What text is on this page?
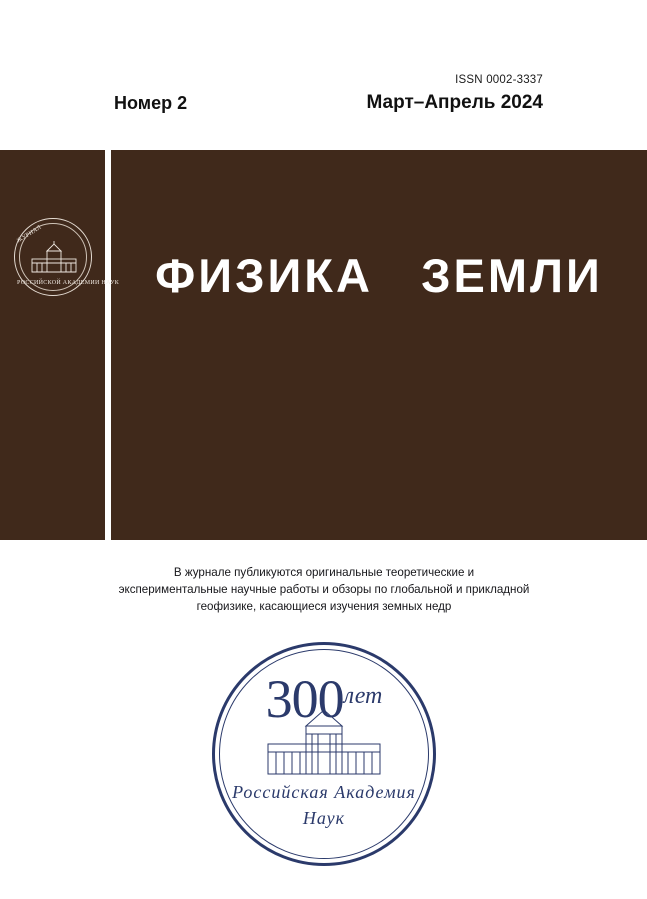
ISSN 0002-3337
Номер 2	Март–Апрель 2024
ЖУРНАЛ
РОССИЙСКОЙ АКАДЕМИИ НАУК ФИЗИКА   ЗЕМЛИ
В журнале публикуются оригинальные теоретические и экспериментальные научные работы и обзоры по глобальной и прикладной геофизике, касающиеся изучения земных недр
$300^{лет}$
Российская Академия
Наук
